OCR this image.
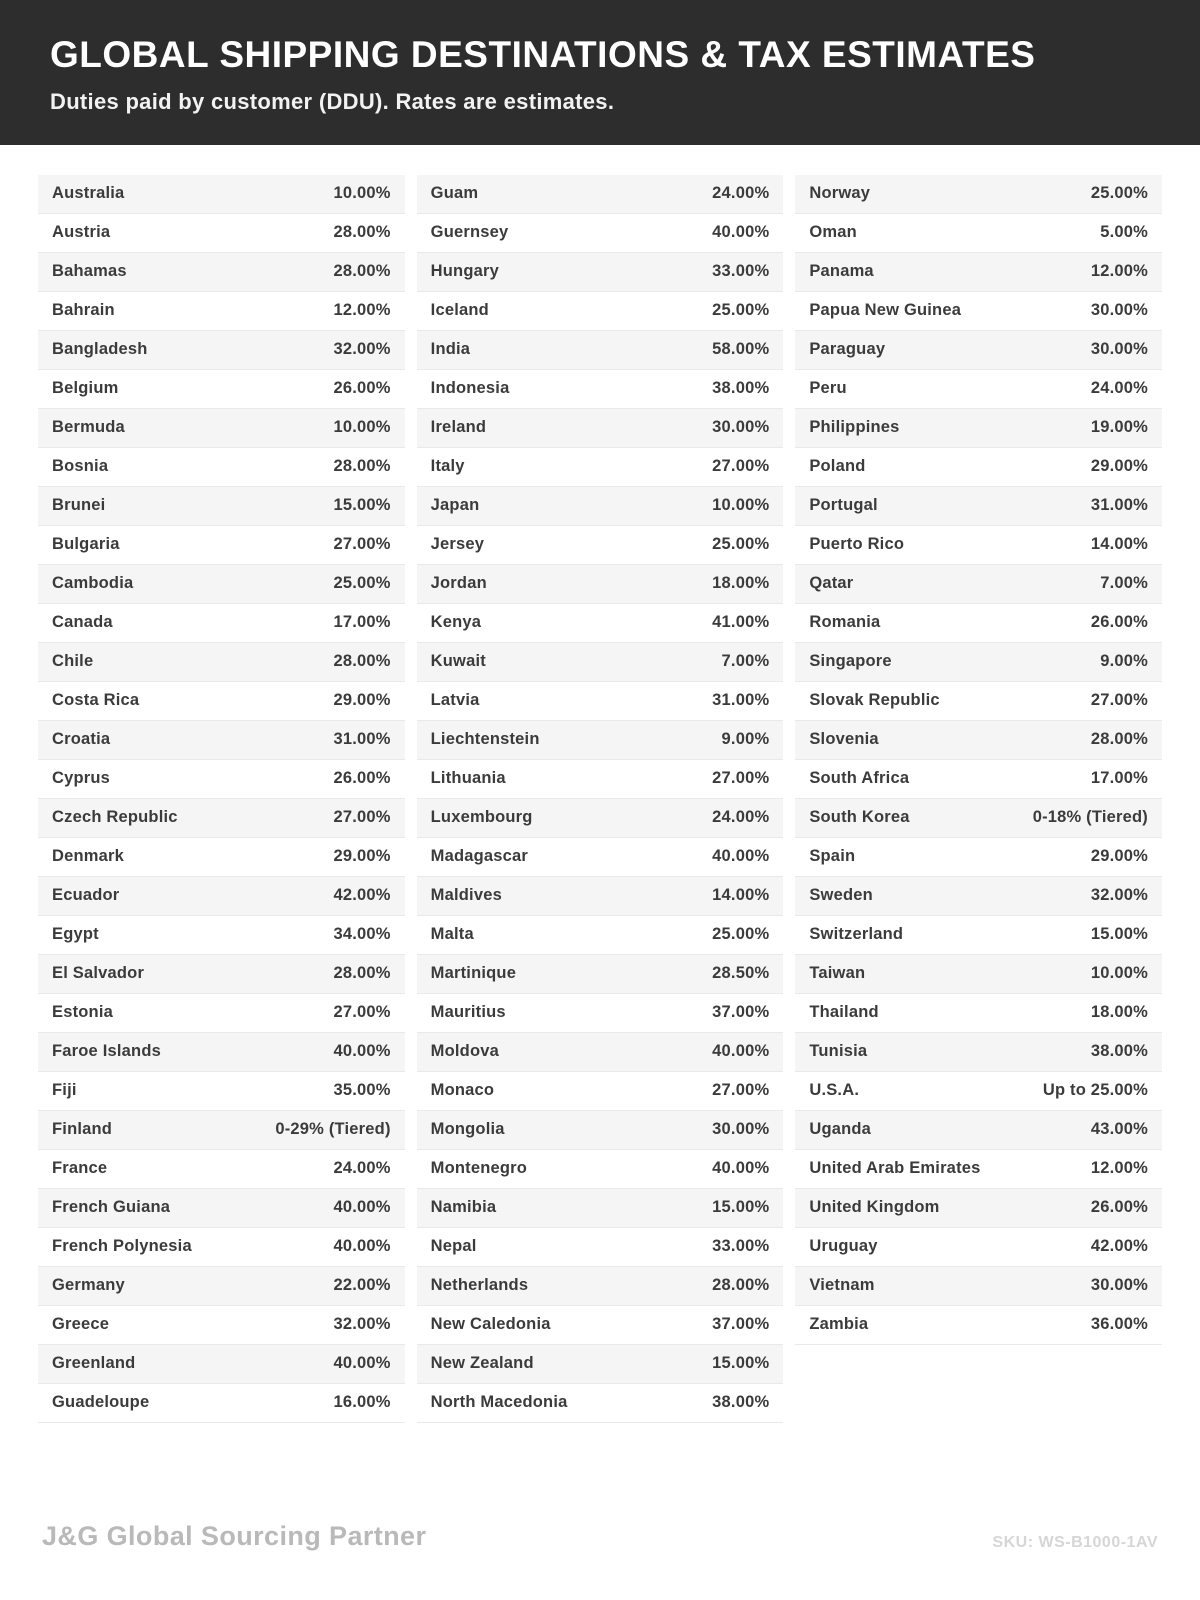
GLOBAL SHIPPING DESTINATIONS & TAX ESTIMATES

Duties paid by customer (DDU). Rates are estimates.

Australia	10.00%
Austria	28.00%
Bahamas	28.00%
Bahrain	12.00%
Bangladesh	32.00%
Belgium	26.00%
Bermuda	10.00%
Bosnia	28.00%
Brunei	15.00%
Bulgaria	27.00%
Cambodia	25.00%
Canada	17.00%
Chile	28.00%
Costa Rica	29.00%
Croatia	31.00%
Cyprus	26.00%
Czech Republic	27.00%
Denmark	29.00%
Ecuador	42.00%
Egypt	34.00%
El Salvador	28.00%
Estonia	27.00%
Faroe Islands	40.00%
Fiji	35.00%
Finland	0-29% (Tiered)
France	24.00%
French Guiana	40.00%
French Polynesia	40.00%
Germany	22.00%
Greece	32.00%
Greenland	40.00%
Guadeloupe	16.00%
Guam	24.00%
Guernsey	40.00%
Hungary	33.00%
Iceland	25.00%
India	58.00%
Indonesia	38.00%
Ireland	30.00%
Italy	27.00%
Japan	10.00%
Jersey	25.00%
Jordan	18.00%
Kenya	41.00%
Kuwait	7.00%
Latvia	31.00%
Liechtenstein	9.00%
Lithuania	27.00%
Luxembourg	24.00%
Madagascar	40.00%
Maldives	14.00%
Malta	25.00%
Martinique	28.50%
Mauritius	37.00%
Moldova	40.00%
Monaco	27.00%
Mongolia	30.00%
Montenegro	40.00%
Namibia	15.00%
Nepal	33.00%
Netherlands	28.00%
New Caledonia	37.00%
New Zealand	15.00%
North Macedonia	38.00%
Norway	25.00%
Oman	5.00%
Panama	12.00%
Papua New Guinea	30.00%
Paraguay	30.00%
Peru	24.00%
Philippines	19.00%
Poland	29.00%
Portugal	31.00%
Puerto Rico	14.00%
Qatar	7.00%
Romania	26.00%
Singapore	9.00%
Slovak Republic	27.00%
Slovenia	28.00%
South Africa	17.00%
South Korea	0-18% (Tiered)
Spain	29.00%
Sweden	32.00%
Switzerland	15.00%
Taiwan	10.00%
Thailand	18.00%
Tunisia	38.00%
U.S.A.	Up to 25.00%
Uganda	43.00%
United Arab Emirates	12.00%
United Kingdom	26.00%
Uruguay	42.00%
Vietnam	30.00%
Zambia	36.00%
J&G Global Sourcing Partner	SKU: WS-B1000-1AV
